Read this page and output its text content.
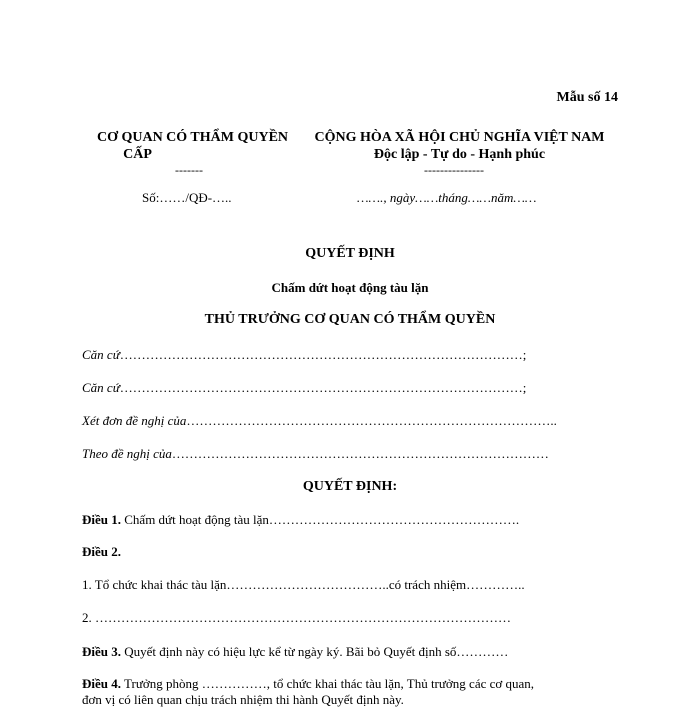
Mẫu số 14
CƠ QUAN CÓ THẨM QUYỀN
CẤP
-------
Số:……/QĐ-…..
CỘNG HÒA XÃ HỘI CHỦ NGHĨA VIỆT NAM
Độc lập - Tự do - Hạnh phúc
---------------
……., ngày……tháng……năm……
QUYẾT ĐỊNH
Chấm dứt hoạt động tàu lặn
THỦ TRƯỞNG CƠ QUAN CÓ THẨM QUYỀN
Căn cứ…………………………………………………………………………………;
Căn cứ…………………………………………………………………………………;
Xét đơn đề nghị của…………………………………………………………………………..
Theo đề nghị của……………………………………………………………………………
QUYẾT ĐỊNH:
Điều 1. Chấm dứt hoạt động tàu lặn………………………………………………….
Điều 2.
1. Tổ chức khai thác tàu lặn………………………………..có trách nhiệm…………..
2. ……………………………………………………………………………………
Điều 3. Quyết định này có hiệu lực kể từ ngày ký. Bãi bỏ Quyết định số…………
Điều 4. Trưởng phòng ……………, tổ chức khai thác tàu lặn, Thủ trưởng các cơ quan,
đơn vị có liên quan chịu trách nhiệm thi hành Quyết định này.
